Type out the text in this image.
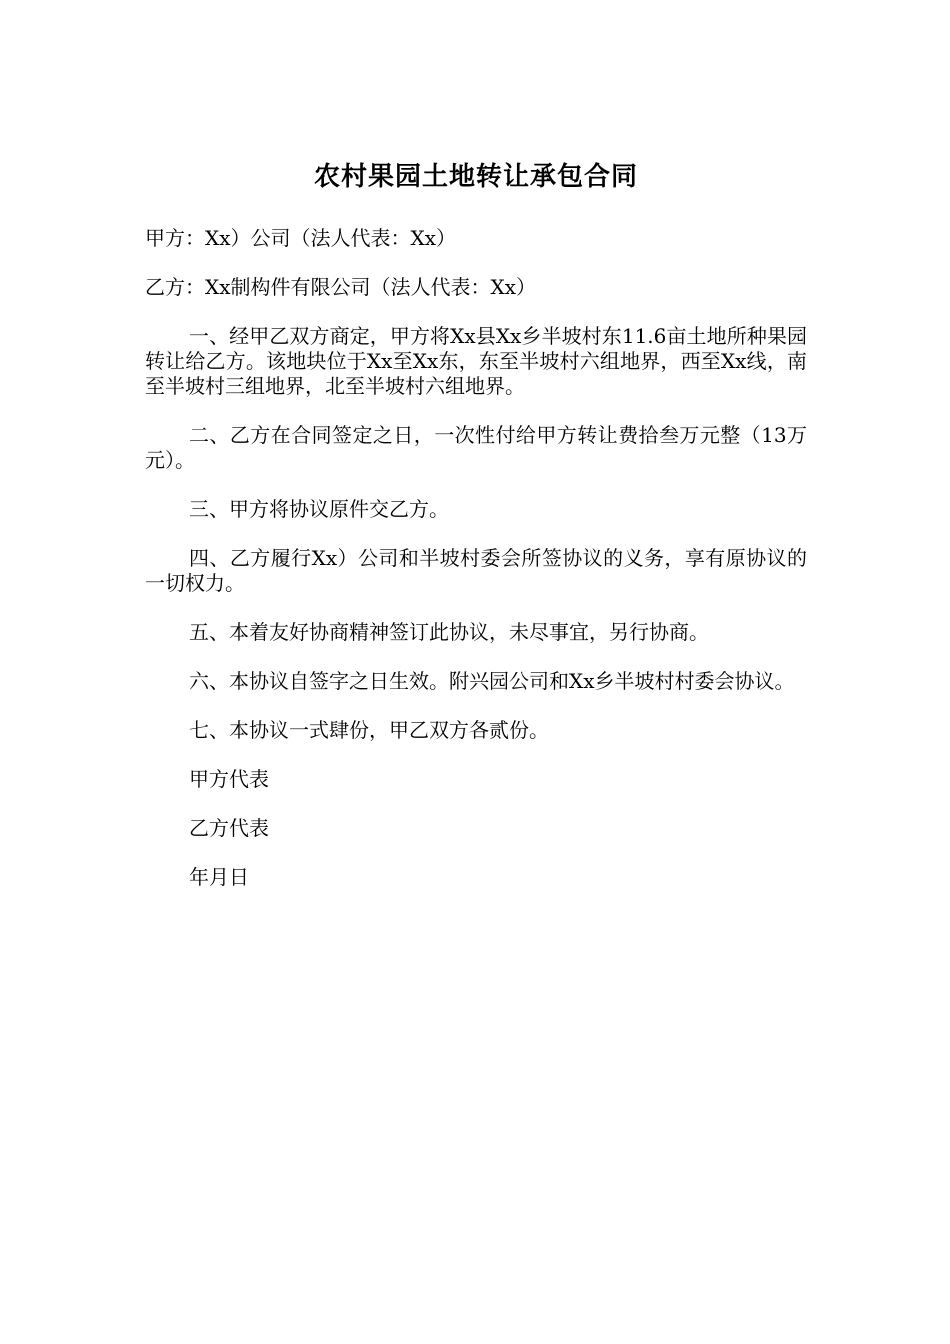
农村果园土地转让承包合同

甲方：Xx）公司（法人代表：Xx）

乙方：Xx制构件有限公司（法人代表：Xx）

一、经甲乙双方商定，甲方将Xx县Xx乡半坡村东11.6亩土地所种果园转让给乙方。该地块位于Xx至Xx东，东至半坡村六组地界，西至Xx线，南至半坡村三组地界，北至半坡村六组地界。

二、乙方在合同签定之日，一次性付给甲方转让费拾叁万元整（13万元）。

三、甲方将协议原件交乙方。

四、乙方履行Xx）公司和半坡村委会所签协议的义务，享有原协议的一切权力。

五、本着友好协商精神签订此协议，未尽事宜，另行协商。

六、本协议自签字之日生效。附兴园公司和Xx乡半坡村村委会协议。

七、本协议一式肆份，甲乙双方各贰份。

甲方代表

乙方代表

年月日
